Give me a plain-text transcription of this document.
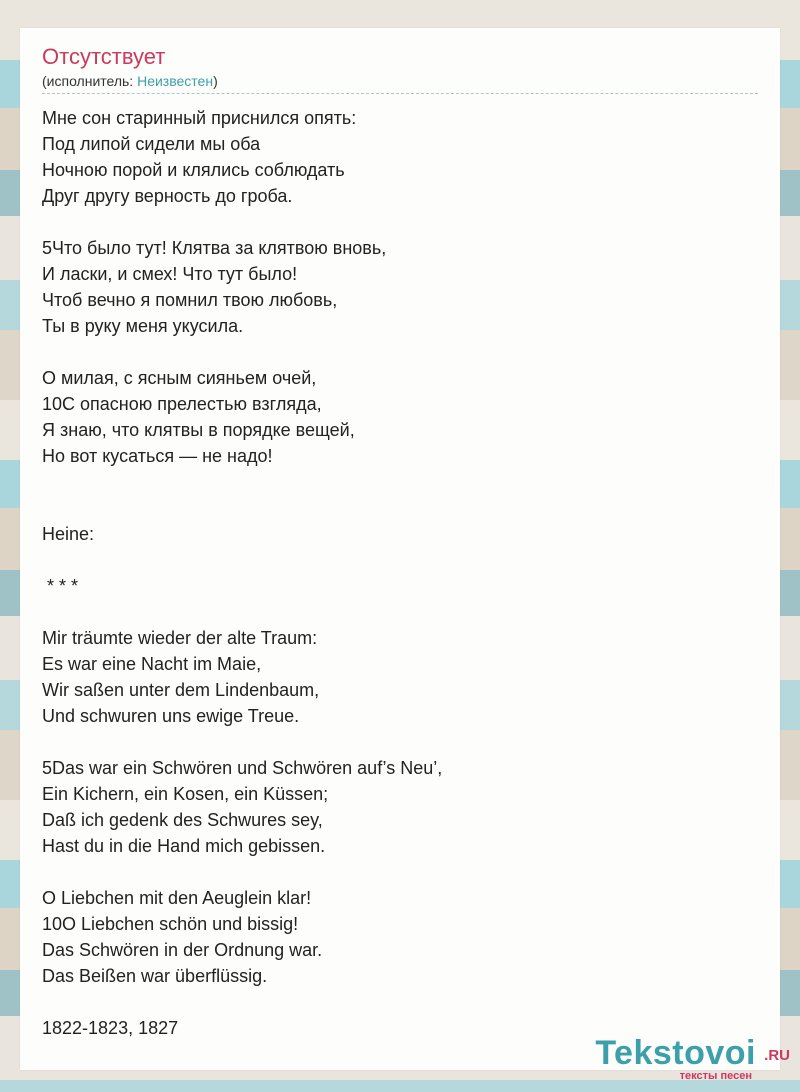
Отсутствует
(исполнитель: Неизвестен)
Мне сон старинный приснился опять:
Под липой сидели мы оба
Ночною порой и клялись соблюдать
Друг другу верность до гроба.
5Что было тут! Клятва за клятвою вновь,
И ласки, и смех! Что тут было!
Чтоб вечно я помнил твою любовь,
Ты в руку меня укусила.
О милая, с ясным сияньем очей,
10С опасною прелестью взгляда,
Я знаю, что клятвы в порядке вещей,
Но вот кусаться — не надо!
Heine:
* * *
Mir träumte wieder der alte Traum:
Es war eine Nacht im Maie,
Wir saßen unter dem Lindenbaum,
Und schwuren uns ewige Treue.
5Das war ein Schwören und Schwören auf’s Neu’,
Ein Kichern, ein Kosen, ein Küssen;
Daß ich gedenk des Schwures sey,
Hast du in die Hand mich gebissen.
O Liebchen mit den Aeuglein klar!
10O Liebchen schön und bissig!
Das Schwören in der Ordnung war.
Das Beißen war überflüssig.
1822-1823, 1827
Tekstovoi .RU
тексты песен
